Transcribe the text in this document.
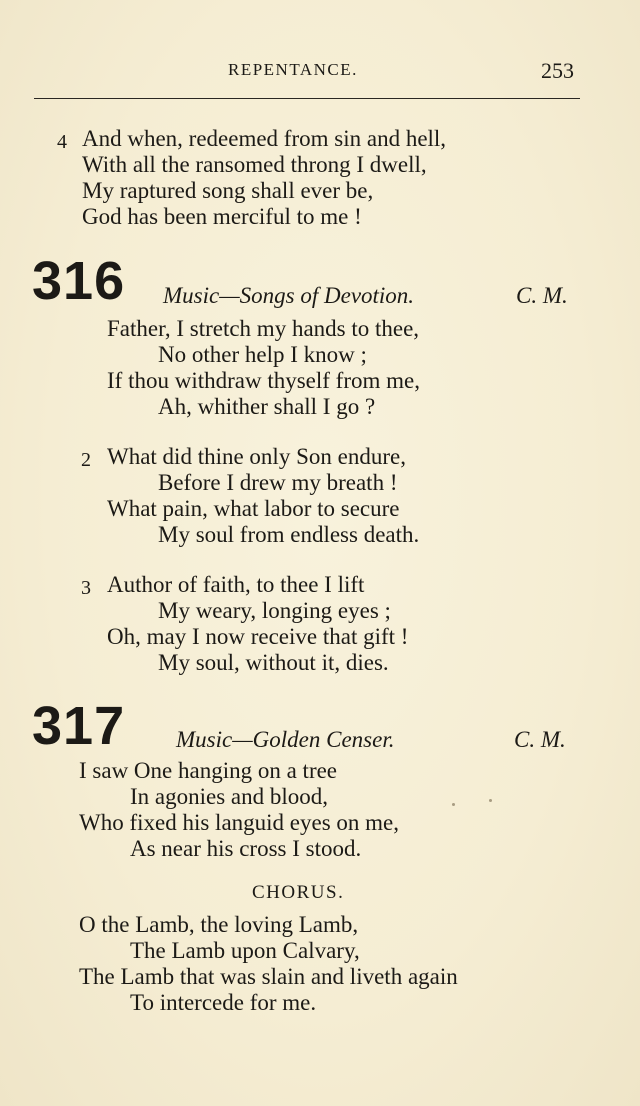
REPENTANCE.	253
4 And when, redeemed from sin and hell,
With all the ransomed throng I dwell,
My raptured song shall ever be,
God has been merciful to me !
316 Music—Songs of Devotion.	C. M.
Father, I stretch my hands to thee,
No other help I know ;
If thou withdraw thyself from me,
Ah, whither shall I go ?
2 What did thine only Son endure,
Before I drew my breath !
What pain, what labor to secure
My soul from endless death.
3 Author of faith, to thee I lift
My weary, longing eyes ;
Oh, may I now receive that gift !
My soul, without it, dies.
317 Music—Golden Censer.	C. M.
I saw One hanging on a tree
In agonies and blood,
Who fixed his languid eyes on me,
As near his cross I stood.
CHORUS.
O the Lamb, the loving Lamb,
The Lamb upon Calvary,
The Lamb that was slain and liveth again
To intercede for me.
